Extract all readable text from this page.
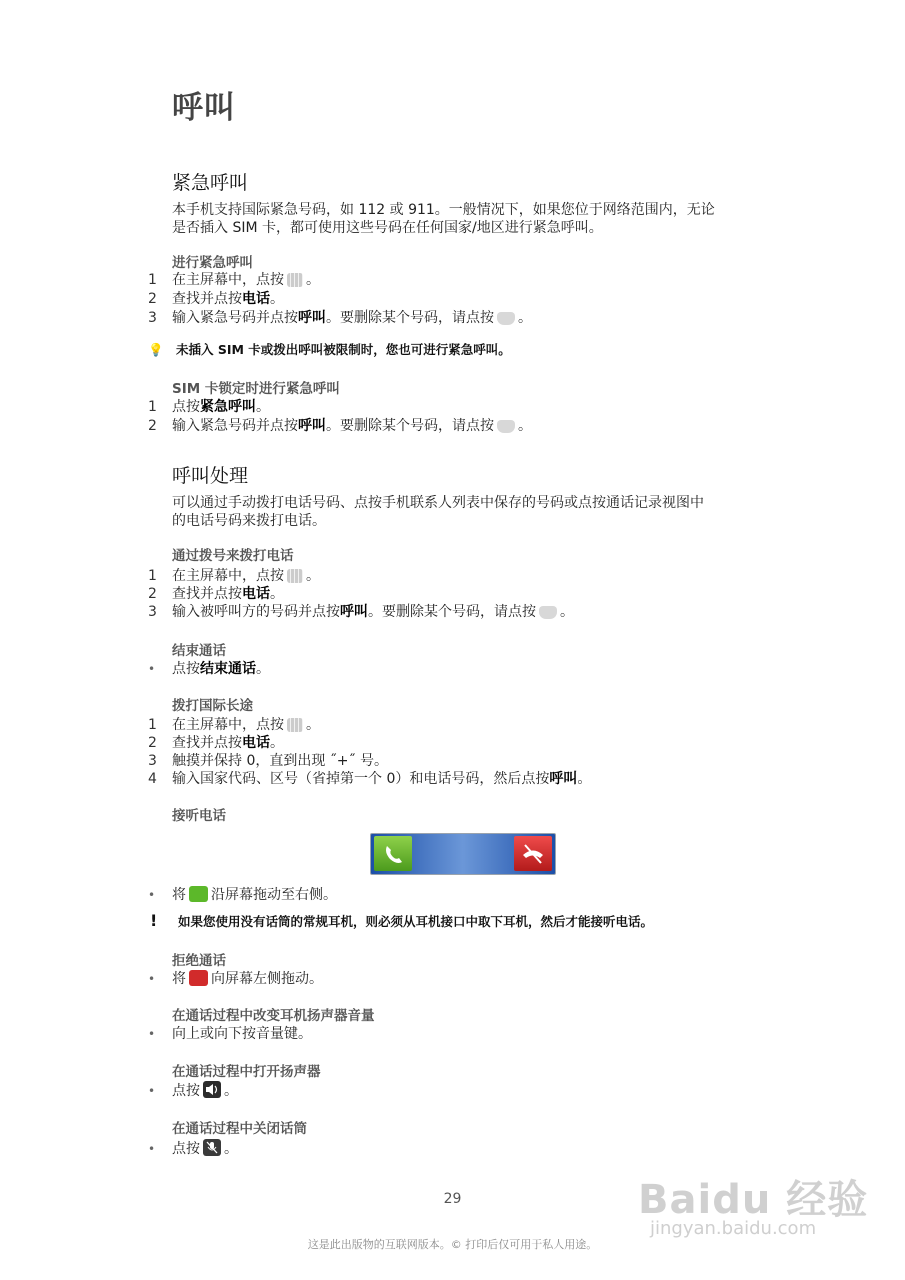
呼叫
紧急呼叫
本手机支持国际紧急号码，如 112 或 911。一般情况下，如果您位于网络范围内，无论
是否插入 SIM 卡，都可使用这些号码在任何国家/地区进行紧急呼叫。
进行紧急呼叫
1 在主屏幕中，点按 。
2 查找并点按电话。
3 输入紧急号码并点按呼叫。要删除某个号码，请点按 。
💡 未插入 SIM 卡或拨出呼叫被限制时，您也可进行紧急呼叫。
SIM 卡锁定时进行紧急呼叫
1 点按紧急呼叫。
2 输入紧急号码并点按呼叫。要删除某个号码，请点按 。
呼叫处理
可以通过手动拨打电话号码、点按手机联系人列表中保存的号码或点按通话记录视图中
的电话号码来拨打电话。
通过拨号来拨打电话
1 在主屏幕中，点按 。
2 查找并点按电话。
3 输入被呼叫方的号码并点按呼叫。要删除某个号码，请点按 。
结束通话
• 点按结束通话。
拨打国际长途
1 在主屏幕中，点按 。
2 查找并点按电话。
3 触摸并保持 0，直到出现 ˝+˝ 号。
4 输入国家代码、区号（省掉第一个 0）和电话号码，然后点按呼叫。
接听电话
• 将 沿屏幕拖动至右侧。
! 如果您使用没有话筒的常规耳机，则必须从耳机接口中取下耳机，然后才能接听电话。
拒绝通话
• 将 向屏幕左侧拖动。
在通话过程中改变耳机扬声器音量
• 向上或向下按音量键。
在通话过程中打开扬声器
• 点按 。
在通话过程中关闭话筒
• 点按 。
29
这是此出版物的互联网版本。© 打印后仅可用于私人用途。
Baidu 经验
jingyan.baidu.com
